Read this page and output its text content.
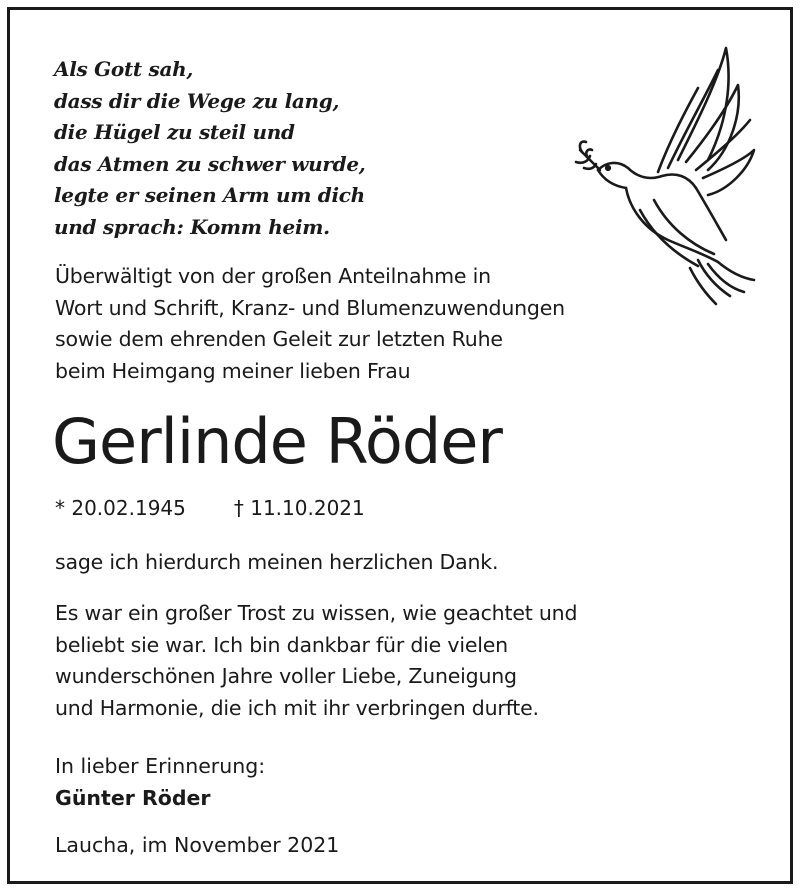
Als Gott sah,
dass dir die Wege zu lang,
die Hügel zu steil und
das Atmen zu schwer wurde,
legte er seinen Arm um dich
und sprach: Komm heim.
Überwältigt von der großen Anteilnahme in
Wort und Schrift, Kranz- und Blumenzuwendungen
sowie dem ehrenden Geleit zur letzten Ruhe
beim Heimgang meiner lieben Frau
Gerlinde Röder
* 20.02.1945 † 11.10.2021
sage ich hierdurch meinen herzlichen Dank.
Es war ein großer Trost zu wissen, wie geachtet und
beliebt sie war. Ich bin dankbar für die vielen
wunderschönen Jahre voller Liebe, Zuneigung
und Harmonie, die ich mit ihr verbringen durfte.
In lieber Erinnerung:
Günter Röder
Laucha, im November 2021
